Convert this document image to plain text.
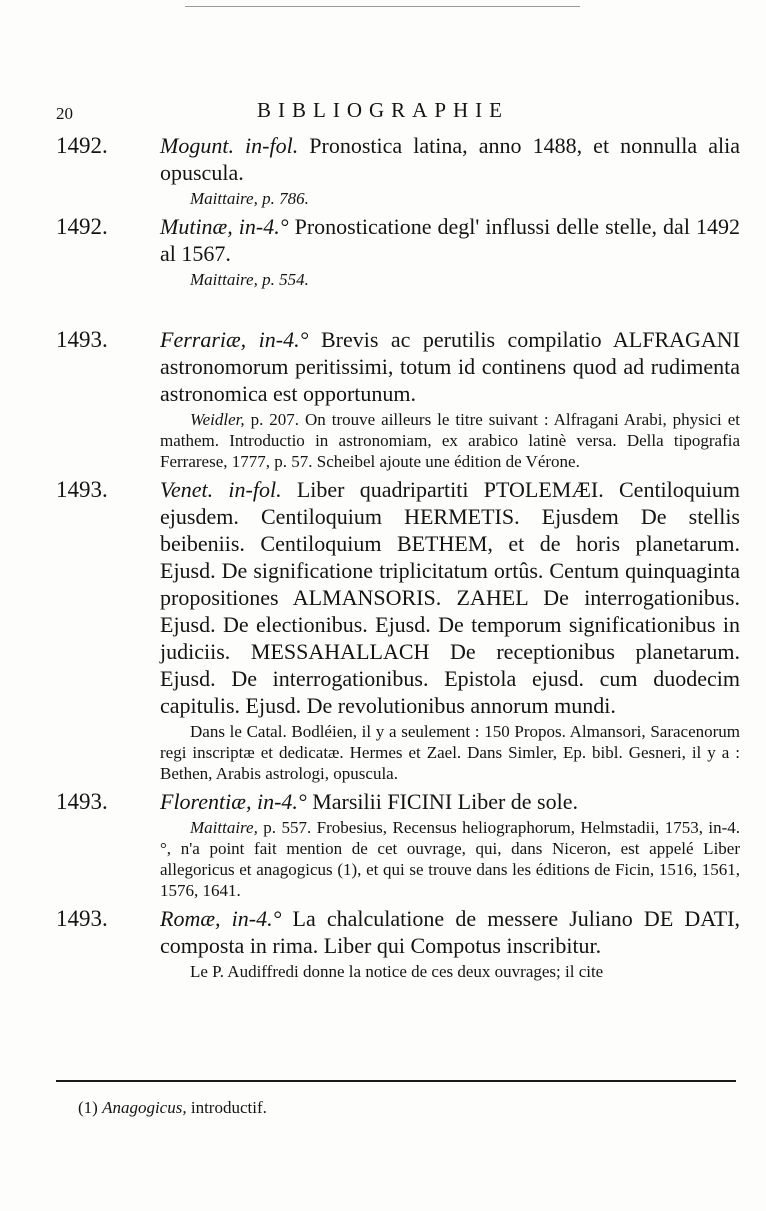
20	BIBLIOGRAPHIE
1492. Mogunt. in-fol. Pronostica latina, anno 1488, et nonnulla alia opuscula.
Maittaire, p. 786.
1492. Mutinæ, in-4.° Pronosticatione degl' influssi delle stelle, dal 1492 al 1567.
Maittaire, p. 554.
1493. Ferrariæ, in-4.° Brevis ac perutilis compilatio ALFRAGANI astronomorum peritissimi, totum id continens quod ad rudimenta astronomica est opportunum.
Weidler, p. 207. On trouve ailleurs le titre suivant : Alfragani Arabi, physici et mathem. Introductio in astronomiam, ex arabico latinè versa. Della tipografia Ferrarese, 1777, p. 57. Scheibel ajoute une édition de Vérone.
1493. Venet. in-fol. Liber quadripartiti PTOLEMÆI. Centiloquium ejusdem. Centiloquium HERMETIS. Ejusdem De stellis beibeniis. Centiloquium BETHEM, et de horis planetarum. Ejusd. De significatione triplicitatum ortûs. Centum quinquaginta propositiones ALMANSORIS. ZAHEL De interrogationibus. Ejusd. De electionibus. Ejusd. De temporum significationibus in judiciis. MESSAHALLACH De receptionibus planetarum. Ejusd. De interrogationibus. Epistola ejusd. cum duodecim capitulis. Ejusd. De revolutionibus annorum mundi.
Dans le Catal. Bodléien, il y a seulement : 150 Propos. Almansori, Saracenorum regi inscriptæ et dedicatæ. Hermes et Zael. Dans Simler, Ep. bibl. Gesneri, il y a : Bethen, Arabis astrologi, opuscula.
1493. Florentiæ, in-4.° Marsilii FICINI Liber de sole.
Maittaire, p. 557. Frobesius, Recensus heliographorum, Helmstadii, 1753, in-4.°, n'a point fait mention de cet ouvrage, qui, dans Niceron, est appelé Liber allegoricus et anagogicus (1), et qui se trouve dans les éditions de Ficin, 1516, 1561, 1576, 1641.
1493. Romæ, in-4.° La chalculatione de messere Juliano DE DATI, composta in rima. Liber qui Compotus inscribitur.
Le P. Audiffredi donne la notice de ces deux ouvrages; il cite
(1) Anagogicus, introductif.
